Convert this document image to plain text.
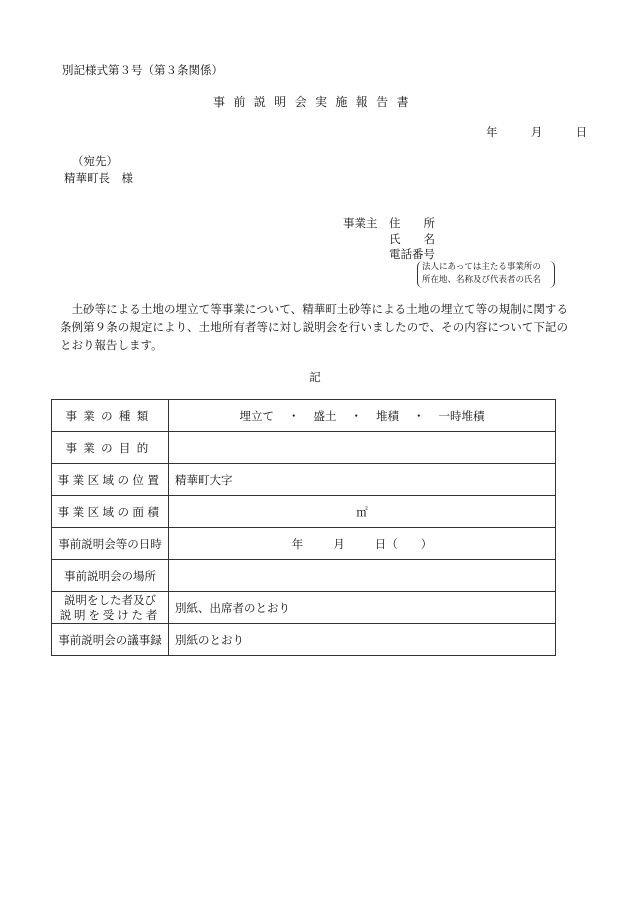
別記様式第３号（第３条関係）
事前説明会実施報告書
年	月	日
（宛先）
精華町長　様
事業主 住　　所
氏　　名
電話番号
法人にあっては主たる事業所の
所在地、名称及び代表者の氏名
土砂等による土地の埋立て等事業について、精華町土砂等による土地の埋立て等の規制に関する条例第９条の規定により、土地所有者等に対し説明会を行いましたので、その内容について下記のとおり報告します。
記
事業の種類	埋立て ・ 盛土 ・ 堆積 ・ 一時堆積
事業の目的	
事業区域の位置	精華町大字
事業区域の面積	㎡
事前説明会等の日時	年 月 日（　　）
事前説明会の場所	

説明をした者及び
説明を受けた者	別紙、出席者のとおり
事前説明会の議事録	別紙のとおり
